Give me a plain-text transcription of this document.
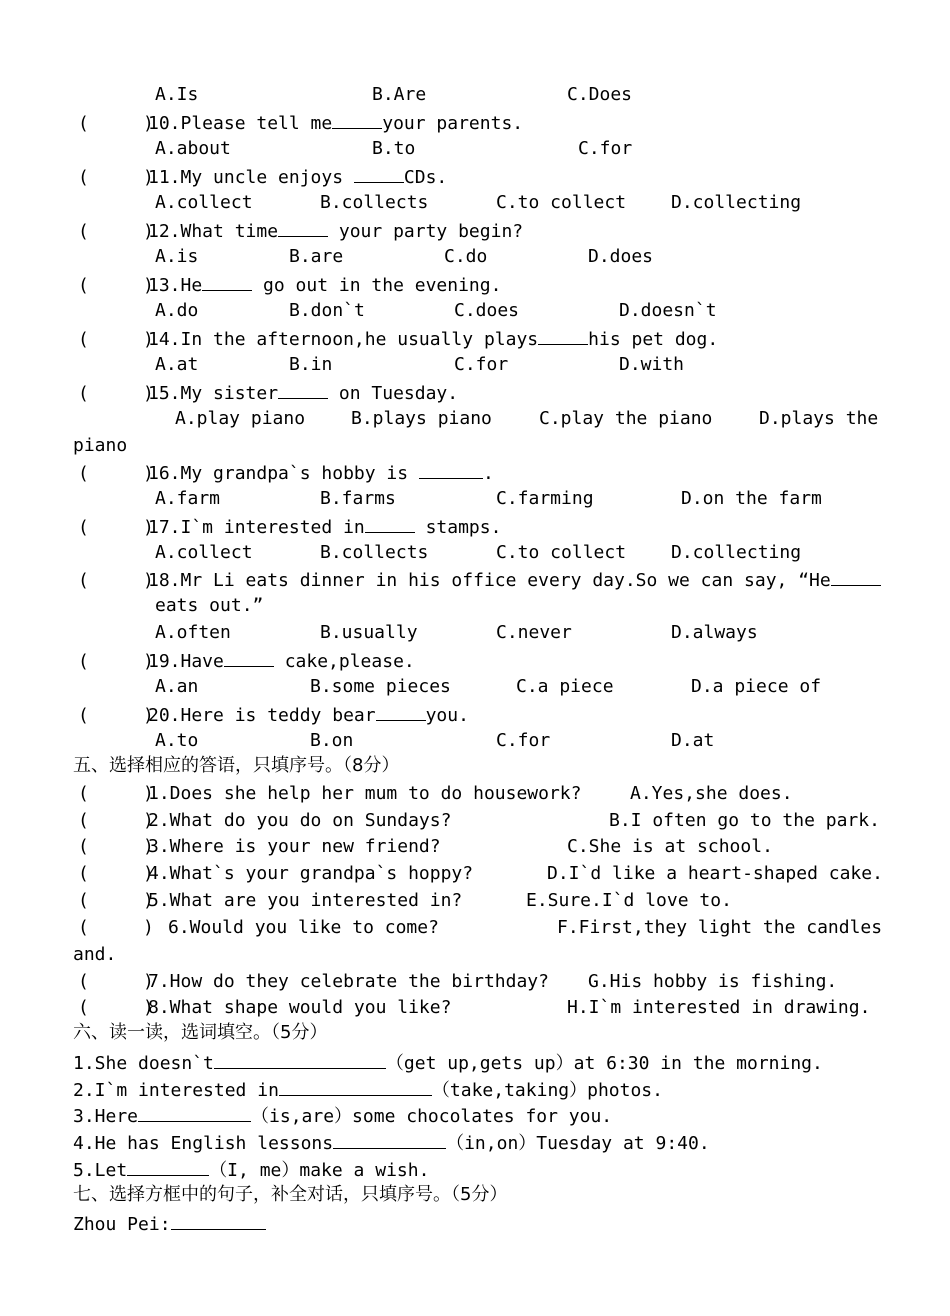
A.Is	B.Are	C.Does
(     )10.Please tell me	your parents.
A.about	B.to	C.for
(     )11.My uncle enjoys	CDs.
A.collect	B.collects	C.to collect D.collecting
(     )12.What time	your party begin?
A.is	B.are	C.do	D.does
(     )13.He	go out in the evening.
A.do	B.don`t	C.does	D.doesn`t
(     )14.In the afternoon,he usually plays	his pet dog.
A.at	B.in	C.for	D.with
(     )15.My sister	on Tuesday.
A.play piano	B.plays piano	C.play the piano	D.plays the
piano
(     )16.My grandpa`s hobby is	.
A.farm	B.farms	C.farming	D.on the farm
(     )17.I`m interested in	stamps.
A.collect	B.collects	C.to collect D.collecting
(     )18.Mr Li eats dinner in his office every day.So we can say, “He
eats out.”
A.often	B.usually	C.never	D.always
(     )19.Have	cake,please.
A.an	B.some pieces	C.a piece	D.a piece of
(     )20.Here is teddy bear	you.
A.to	B.on	C.for	D.at
五、选择相应的答语，只填序号。（8分）
(     )1.Does she help her mum to do housework?	A.Yes,she does.
(     )2.What do you do on Sundays?	B.I often go to the park.
(     )3.Where is your new friend?	C.She is at school.
(     )4.What`s your grandpa`s hoppy?	D.I`d like a heart-shaped cake.
(     )5.What are you interested in?	E.Sure.I`d love to.
(     ) 6.Would you like to come?	F.First,they light the candles
and.
(     )7.How do they celebrate the birthday? G.His hobby is fishing.
(     )8.What shape would you like?	H.I`m interested in drawing.
六、读一读，选词填空。（5分）
1.She doesn`t	（get up,gets up）at 6:30 in the morning.
2.I`m interested in	（take,taking）photos.
3.Here	（is,are）some chocolates for you.
4.He has English lessons	（in,on）Tuesday at 9:40.
5.Let	（I, me）make a wish.
七、选择方框中的句子，补全对话，只填序号。（5分）
Zhou Pei:
